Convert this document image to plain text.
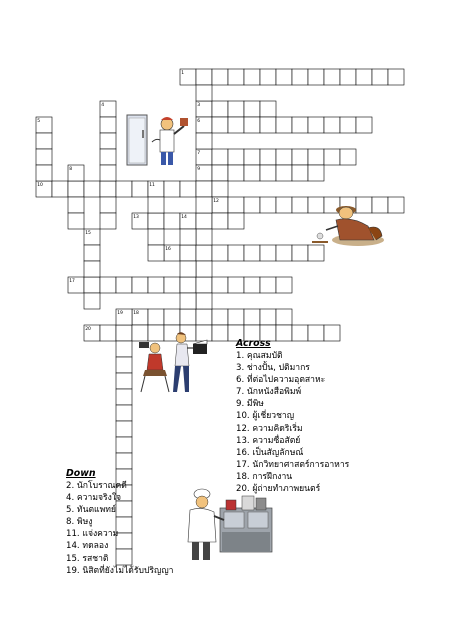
1
3
4
5	6
7
8	9
10	11
12
13	14
15
16
17
18
19
20
Across
1. คุณสมบัติ
3. ช่างปั้น, ปติมากร
6. ที่ต่อไปความอุตสาหะ
7. นักหนังสือพิมพ์
9. มีพิษ
10. ผู้เชี่ยวชาญ
12. ความคิดริเริ่ม
13. ความซื่อสัตย์
16. เป็นสัญลักษณ์
17. นักวิทยาศาสตร์การอาหาร
18. การฝึกงาน
20. ผู้ถ่ายทำภาพยนตร์
Down
2. นักโบราณคดี
4. ความจริงใจ
5. ทันตแพทย์
8. พิษงู
11. แจ่งความ
14. ทดลอง
15. รสชาติ
19. นิสิตที่ยังไม่ได้รับปริญญา
